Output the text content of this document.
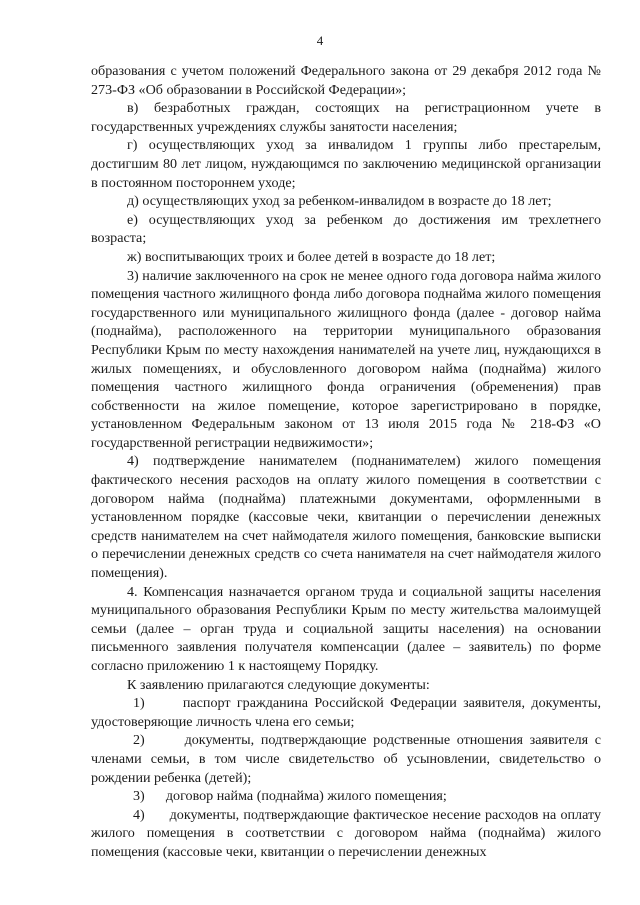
4

образования с учетом положений Федерального закона от 29 декабря 2012 года № 273-ФЗ «Об образовании в Российской Федерации»;

в) безработных граждан, состоящих на регистрационном учете в государственных учреждениях службы занятости населения;

г) осуществляющих уход за инвалидом 1 группы либо престарелым, достигшим 80 лет лицом, нуждающимся по заключению медицинской организации в постоянном постороннем уходе;

д) осуществляющих уход за ребенком-инвалидом в возрасте до 18 лет;

е) осуществляющих уход за ребенком до достижения им трехлетнего возраста;

ж) воспитывающих троих и более детей в возрасте до 18 лет;

3) наличие заключенного на срок не менее одного года договора найма жилого помещения частного жилищного фонда либо договора поднайма жилого помещения государственного или муниципального жилищного фонда (далее - договор найма (поднайма), расположенного на территории муниципального образования Республики Крым по месту нахождения нанимателей на учете лиц, нуждающихся в жилых помещениях, и обусловленного договором найма (поднайма) жилого помещения частного жилищного фонда ограничения (обременения) прав собственности на жилое помещение, которое зарегистрировано в порядке, установленном Федеральным законом от 13 июля 2015 года № 218-ФЗ «О государственной регистрации недвижимости»;

4) подтверждение нанимателем (поднанимателем) жилого помещения фактического несения расходов на оплату жилого помещения в соответствии с договором найма (поднайма) платежными документами, оформленными в установленном порядке (кассовые чеки, квитанции о перечислении денежных средств нанимателем на счет наймодателя жилого помещения, банковские выписки о перечислении денежных средств со счета нанимателя на счет наймодателя жилого помещения).

4. Компенсация назначается органом труда и социальной защиты населения муниципального образования Республики Крым по месту жительства малоимущей семьи (далее – орган труда и социальной защиты населения) на основании письменного заявления получателя компенсации (далее – заявитель) по форме согласно приложению 1 к настоящему Порядку.

К заявлению прилагаются следующие документы:

1)      паспорт гражданина Российской Федерации заявителя, документы, удостоверяющие личность члена его семьи;

2)      документы, подтверждающие родственные отношения заявителя с членами семьи, в том числе свидетельство об усыновлении, свидетельство о рождении ребенка (детей);

3)      договор найма (поднайма) жилого помещения;

4)      документы, подтверждающие фактическое несение расходов на оплату жилого помещения в соответствии с договором найма (поднайма) жилого помещения (кассовые чеки, квитанции о перечислении денежных
